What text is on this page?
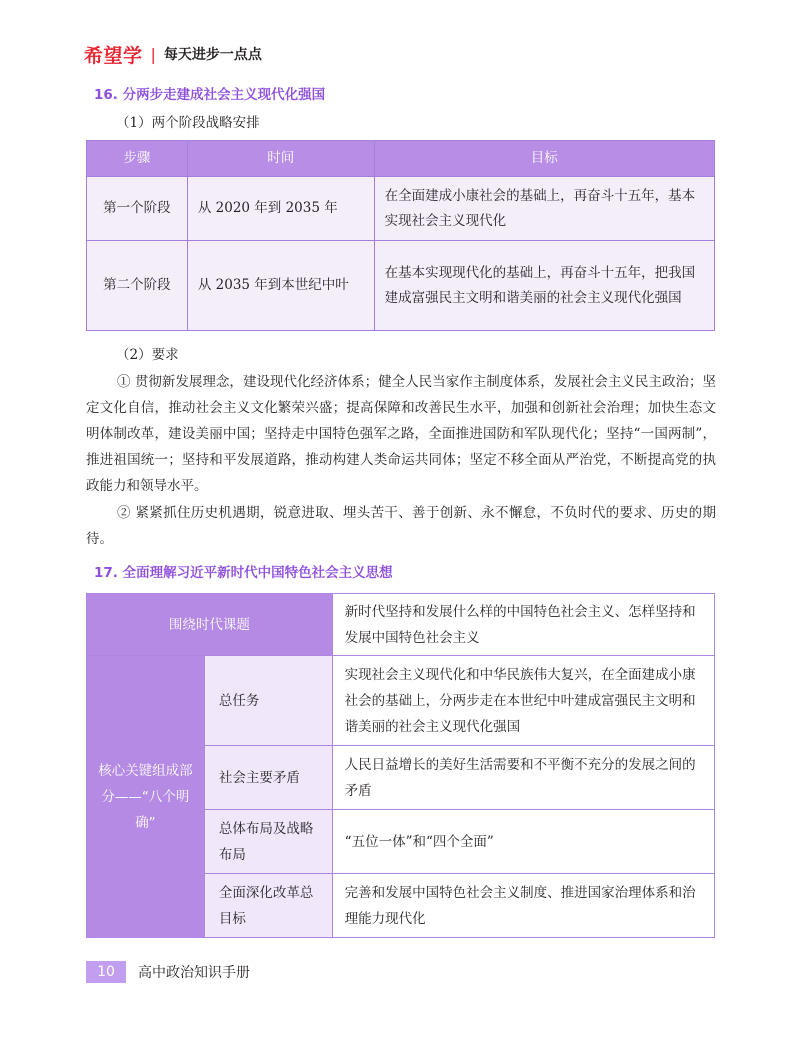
希望学 | 每天进步一点点
16. 分两步走建成社会主义现代化强国
（1）两个阶段战略安排
步骤	时间	目标
第一个阶段	从 2020 年到 2035 年	在全面建成小康社会的基础上，再奋斗十五年，基本实现社会主义现代化
第二个阶段	从 2035 年到本世纪中叶	在基本实现现代化的基础上，再奋斗十五年，把我国建成富强民主文明和谐美丽的社会主义现代化强国
（2）要求
① 贯彻新发展理念，建设现代化经济体系；健全人民当家作主制度体系，发展社会主义民主政治；坚定文化自信，推动社会主义文化繁荣兴盛；提高保障和改善民生水平，加强和创新社会治理；加快生态文明体制改革，建设美丽中国；坚持走中国特色强军之路，全面推进国防和军队现代化；坚持“一国两制”，推进祖国统一；坚持和平发展道路，推动构建人类命运共同体；坚定不移全面从严治党，不断提高党的执政能力和领导水平。
② 紧紧抓住历史机遇期，锐意进取、埋头苦干、善于创新、永不懈怠，不负时代的要求、历史的期待。
17. 全面理解习近平新时代中国特色社会主义思想
围绕时代课题		新时代坚持和发展什么样的中国特色社会主义、怎样坚持和发展中国特色社会主义
核心关键组成部分——“八个明确”	总任务	实现社会主义现代化和中华民族伟大复兴，在全面建成小康社会的基础上，分两步走在本世纪中叶建成富强民主文明和谐美丽的社会主义现代化强国
	社会主要矛盾	人民日益增长的美好生活需要和不平衡不充分的发展之间的矛盾
	总体布局及战略布局	“五位一体”和“四个全面”
	全面深化改革总目标	完善和发展中国特色社会主义制度、推进国家治理体系和治理能力现代化
10	高中政治知识手册
